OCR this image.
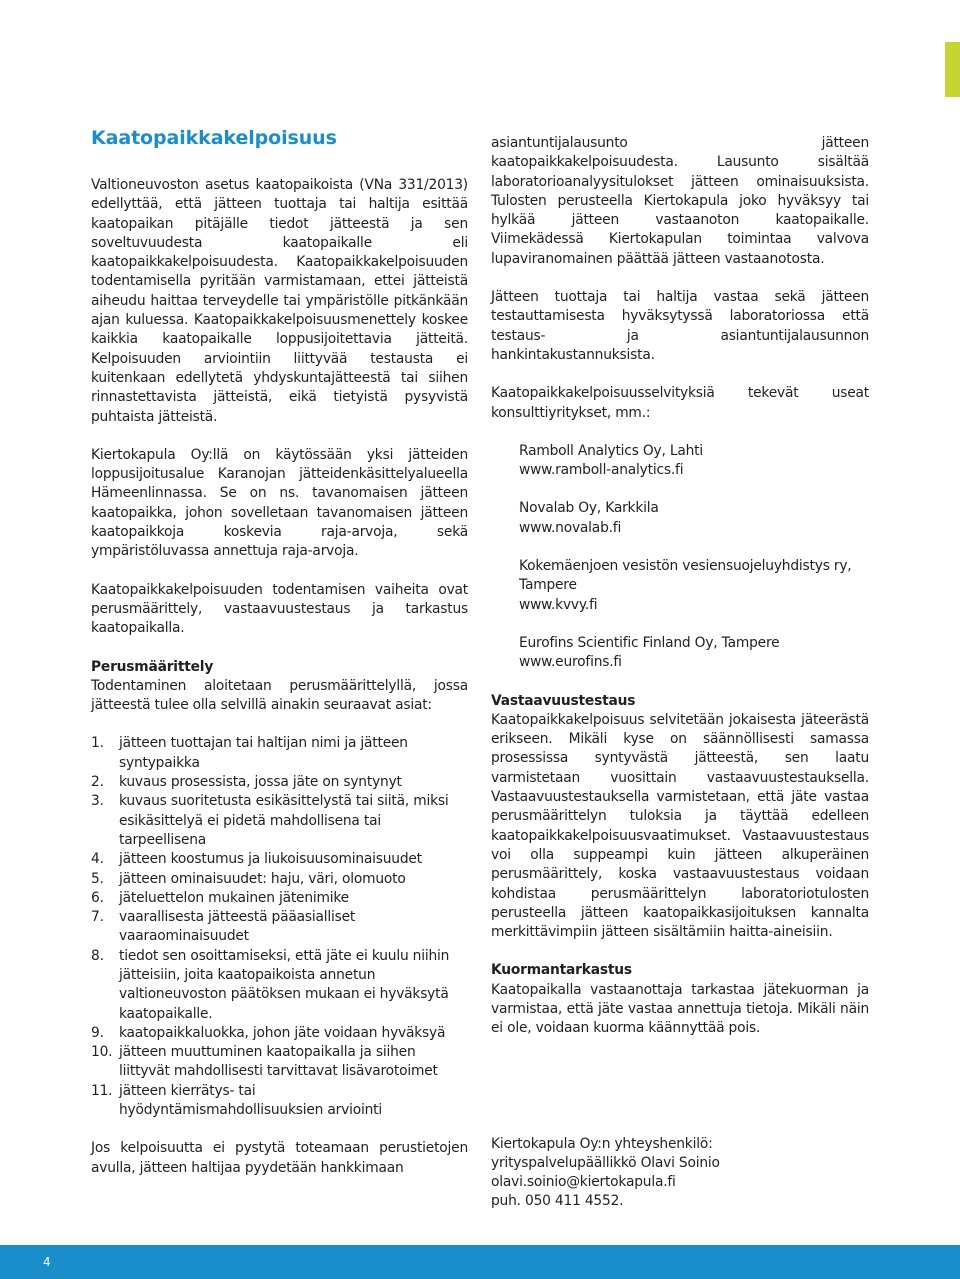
Kaatopaikkakelpoisuus

Valtioneuvoston asetus kaatopaikoista (VNa 331/2013) edellyttää, että jätteen tuottaja tai haltija esittää kaatopaikan pitäjälle tiedot jätteestä ja sen soveltuvuudesta kaatopaikalle eli kaatopaikkakelpoisuudesta. Kaatopaikkakelpoisuuden todentamisella pyritään varmistamaan, ettei jätteistä aiheudu haittaa terveydelle tai ympäristölle pitkänkään ajan kuluessa. Kaatopaikkakelpoisuusmenettely koskee kaikkia kaatopaikalle loppusijoitettavia jätteitä. Kelpoisuuden arviointiin liittyvää testausta ei kuitenkaan edellytetä yhdyskuntajätteestä tai siihen rinnastettavista jätteistä, eikä tietyistä pysyvistä puhtaista jätteistä.

Kiertokapula Oy:llä on käytössään yksi jätteiden loppusijoitusalue Karanojan jätteidenkäsittelyalueella Hämeenlinnassa. Se on ns. tavanomaisen jätteen kaatopaikka, johon sovelletaan tavanomaisen jätteen kaatopaikkoja koskevia raja-arvoja, sekä ympäristöluvassa annettuja raja-arvoja.

Kaatopaikkakelpoisuuden todentamisen vaiheita ovat perusmäärittely, vastaavuustestaus ja tarkastus kaatopaikalla.

Perusmäärittely
Todentaminen aloitetaan perusmäärittelyllä, jossa jätteestä tulee olla selvillä ainakin seuraavat asiat:

1.	jätteen tuottajan tai haltijan nimi ja jätteen syntypaikka
2.	kuvaus prosessista, jossa jäte on syntynyt
3.	kuvaus suoritetusta esikäsittelystä tai siitä, miksi esikäsittelyä ei pidetä mahdollisena tai tarpeellisena
4.	jätteen koostumus ja liukoisuusominaisuudet
5.	jätteen ominaisuudet: haju, väri, olomuoto
6.	jäteluettelon mukainen jätenimike
7.	vaarallisesta jätteestä pääasialliset vaaraominaisuudet
8.	tiedot sen osoittamiseksi, että jäte ei kuulu niihin jätteisiin, joita kaatopaikoista annetun valtioneuvoston päätöksen mukaan ei hyväksytä kaatopaikalle.
9.	kaatopaikkaluokka, johon jäte voidaan hyväksyä
10. jätteen muuttuminen kaatopaikalla ja siihen liittyvät mahdollisesti tarvittavat lisävarotoimet
11. jätteen kierrätys- tai hyödyntämismahdollisuuksien arviointi

Jos kelpoisuutta ei pystytä toteamaan perustietojen avulla, jätteen haltijaa pyydetään hankkimaan

asiantuntijalausunto jätteen kaatopaikkakelpoisuudesta. Lausunto sisältää laboratorioanalyysitulokset jätteen ominaisuuksista. Tulosten perusteella Kiertokapula joko hyväksyy tai hylkää jätteen vastaanoton kaatopaikalle. Viimekädessä Kiertokapulan toimintaa valvova lupaviranomainen päättää jätteen vastaanotosta.

Jätteen tuottaja tai haltija vastaa sekä jätteen testauttamisesta hyväksytyssä laboratoriossa että testaus- ja asiantuntijalausunnon hankintakustannuksista.

Kaatopaikkakelpoisuusselvityksiä tekevät useat konsulttiyritykset, mm.:

Ramboll Analytics Oy, Lahti
www.ramboll-analytics.fi
Novalab Oy, Karkkila
www.novalab.fi
Kokemäenjoen vesistön vesiensuojeluyhdistys ry, Tampere
www.kvvy.fi
Eurofins Scientific Finland Oy, Tampere
www.eurofins.fi

Vastaavuustestaus
Kaatopaikkakelpoisuus selvitetään jokaisesta jäteerästä erikseen. Mikäli kyse on säännöllisesti samassa prosessissa syntyvästä jätteestä, sen laatu varmistetaan vuosittain vastaavuustestauksella. Vastaavuustestauksella varmistetaan, että jäte vastaa perusmäärittelyn tuloksia ja täyttää edelleen kaatopaikkakelpoisuusvaatimukset. Vastaavuustestaus voi olla suppeampi kuin jätteen alkuperäinen perusmäärittely, koska vastaavuustestaus voidaan kohdistaa perusmäärittelyn laboratoriotulosten perusteella jätteen kaatopaikkasijoituksen kannalta merkittävimpiin jätteen sisältämiin haitta-aineisiin.

Kuormantarkastus
Kaatopaikalla vastaanottaja tarkastaa jätekuorman ja varmistaa, että jäte vastaa annettuja tietoja. Mikäli näin ei ole, voidaan kuorma käännyttää pois.

Kiertokapula Oy:n yhteyshenkilö:
yrityspalvelupäällikkö Olavi Soinio
olavi.soinio@kiertokapula.fi
puh. 050 411 4552.
4
